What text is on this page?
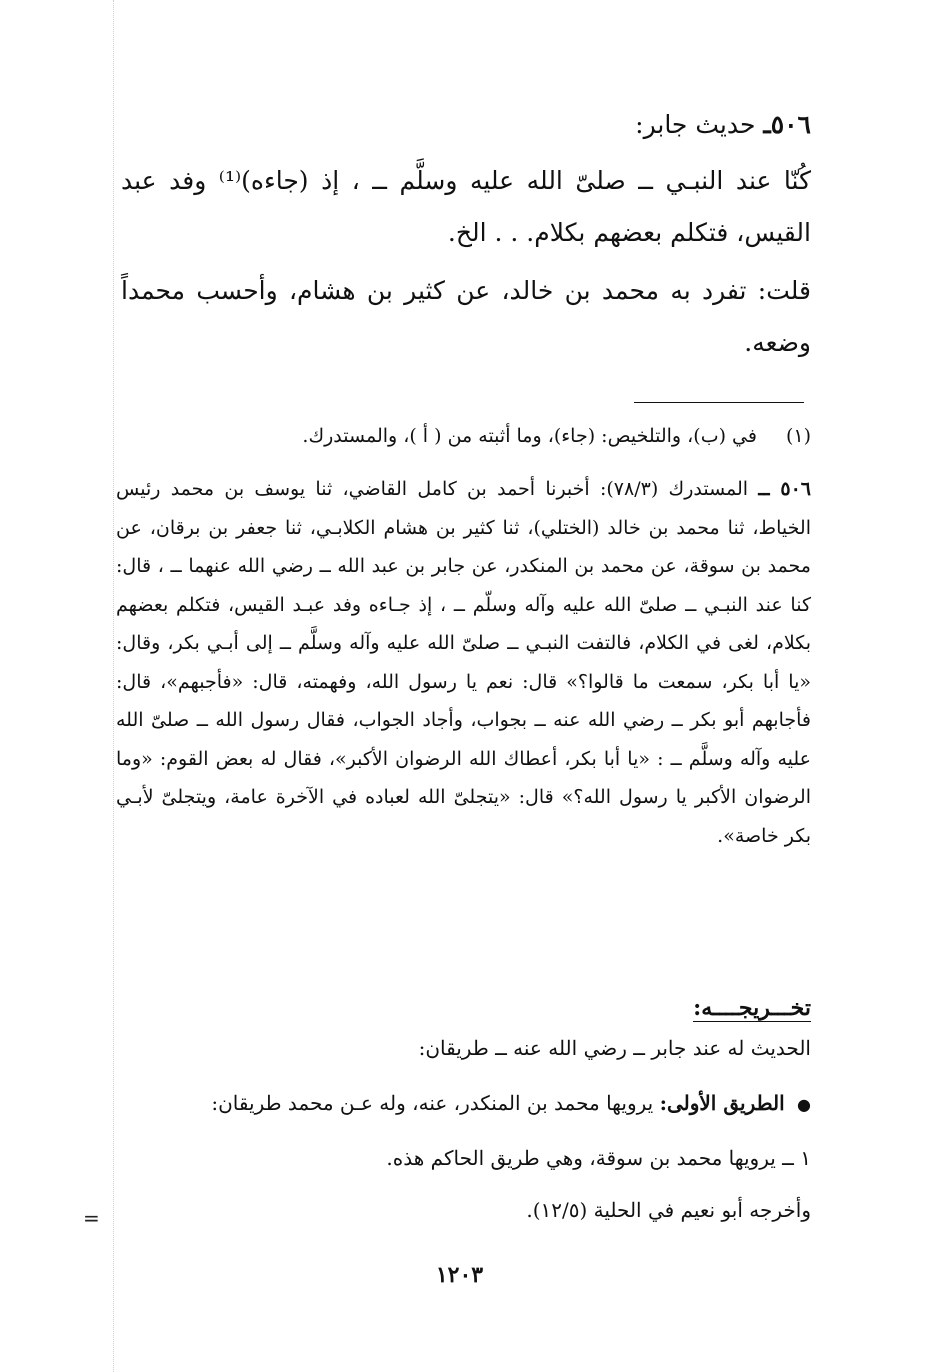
٥٠٦ـ حديث جابر:
كُنّا عند النبـي ــ صلىّ الله عليه وسلَّم ــ ، إذ (جاءه)⁽¹⁾ وفد عبد القيس، فتكلم بعضهم بكلام. . . الخ.
قلت: تفرد به محمد بن خالد، عن كثير بن هشام، وأحسب محمداً وضعه.
(١) في (ب)، والتلخيص: (جاء)، وما أثبته من ( أ )، والمستدرك.
٥٠٦ ــ المستدرك (٧٨/٣): أخبرنا أحمد بن كامل القاضي، ثنا يوسف بن محمد رئيس الخياط، ثنا محمد بن خالد (الختلي)، ثنا كثير بن هشام الكلابـي، ثنا جعفر بن برقان، عن محمد بن سوقة، عن محمد بن المنكدر، عن جابر بن عبد الله ــ رضي الله عنهما ــ ، قال: كنا عند النبـي ــ صلىّ الله عليه وآله وسلّم ــ ، إذ جـاءه وفد عبـد القيس، فتكلم بعضهم بكلام، لغى في الكلام، فالتفت النبـي ــ صلىّ الله عليه وآله وسلَّم ــ إلى أبـي بكر، وقال: «يا أبا بكر، سمعت ما قالوا؟» قال: نعم يا رسول الله، وفهمته، قال: «فأجبهم»، قال: فأجابهم أبو بكر ــ رضي الله عنه ــ بجواب، وأجاد الجواب، فقال رسول الله ــ صلىّ الله عليه وآله وسلَّم ــ : «يا أبا بكر، أعطاك الله الرضوان الأكبر»، فقال له بعض القوم: «وما الرضوان الأكبر يا رسول الله؟» قال: «يتجلىّ الله لعباده في الآخرة عامة، ويتجلىّ لأبـي بكر خاصة».
تخـــريجــــه:
الحديث له عند جابر ــ رضي الله عنه ــ طريقان:
● الطريق الأولى: يرويها محمد بن المنكدر، عنه، وله عـن محمد طريقان:
١ ــ يرويها محمد بن سوقة، وهي طريق الحاكم هذه.
وأخرجه أبو نعيم في الحلية (١٢/٥).
١٢٠٣
=
